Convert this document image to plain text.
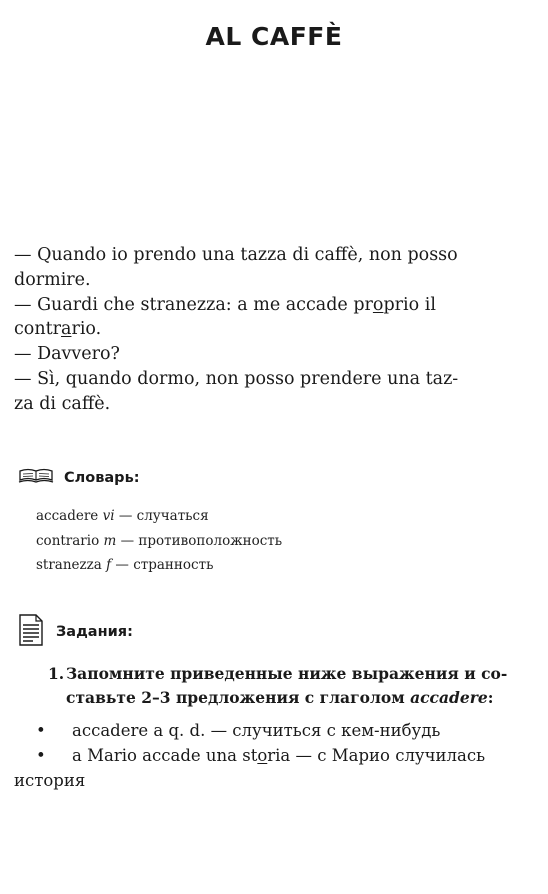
AL CAFFÈ

— Quando io prendo una tazza di caffè, non posso
dormire.

— Guardi che stranezza: a me accade proprio il
contrario.

— Davvero?

— Sì, quando dormo, non posso prendere una taz-
za di caffè.

Словарь:
accadere vi — случаться
contrario m — противоположность
stranezza f — странность
Задания:
1. Запомните приведенные ниже выражения и со-
ставьте 2–3 предложения с глаголом accadere:
• accadere a q. d. — случиться с кем-нибудь
• a Mario accade una storia — с Марио случилась
история
